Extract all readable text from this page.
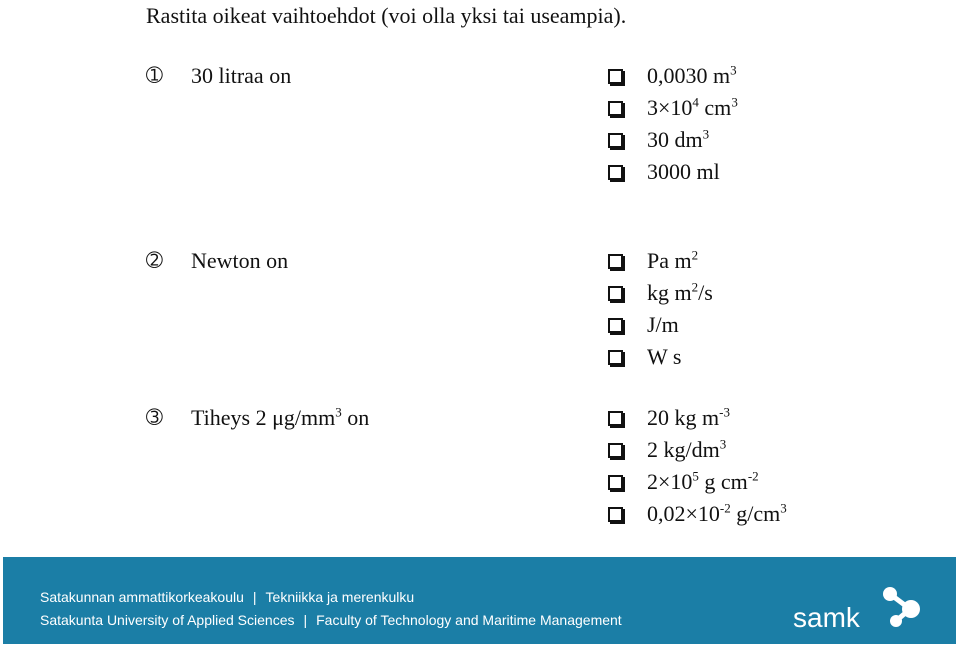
Rastita oikeat vaihtoehdot (voi olla yksi tai useampia).
➀ 30 litraa on	0,0030 $m^3$
$3\times 10^4$ $cm^3$
30 $dm^3$
3000 ml
➁ Newton on	Pa $m^2$
kg $m^2/s$
J/m
W s
➂ Tiheys 2 $\mu g/mm^3$ on	20 kg $m^{-3}$
2 $kg/dm^3$
$2\times 10^5$ g $cm^{-2}$
$0,02\times 10^{-2}$ $g/cm^3$
Satakunnan ammattikorkeakoulu | Tekniikka ja merenkulku
Satakunta University of Applied Sciences | Faculty of Technology and Maritime Management	samk
